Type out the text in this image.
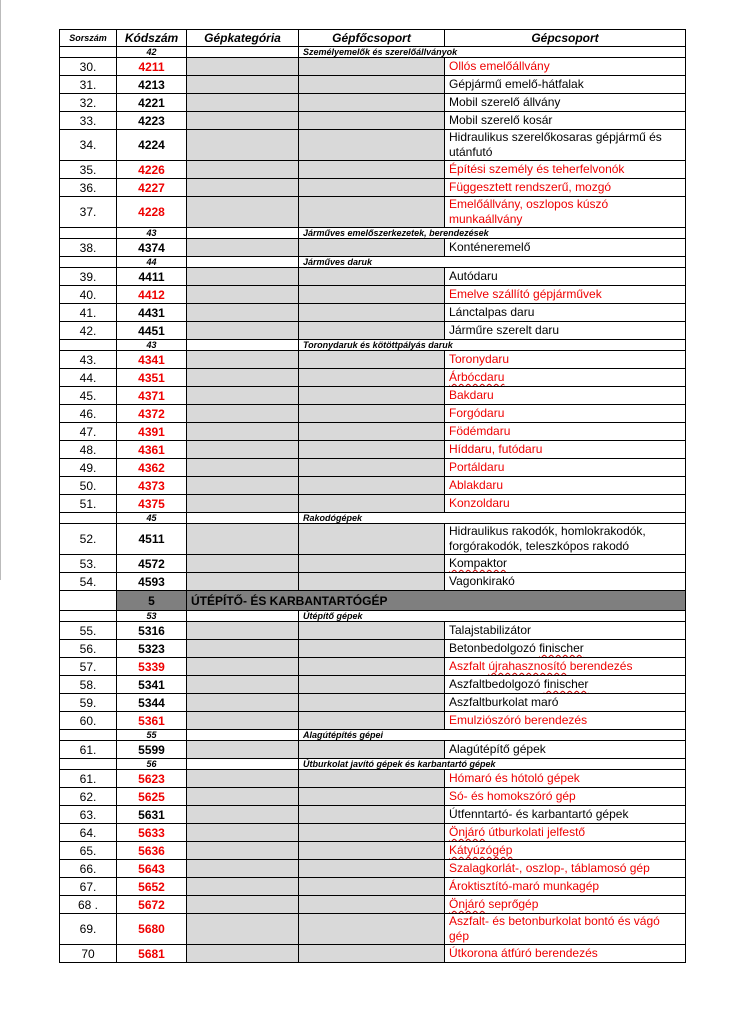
Sorszám	Kódszám	Gépkategória	Gépfőcsoport	Gépcsoport
	42		Személyemelők és szerelőállványok	
30.	4211			Ollós emelőállvány
31.	4213			Gépjármű emelő-hátfalak
32.	4221			Mobil szerelő állvány
33.	4223			Mobil szerelő kosár
34.	4224			Hidraulikus szerelőkosaras gépjármű és utánfutó
35.	4226			Építési személy és teherfelvonók
36.	4227			Függesztett rendszerű, mozgó
37.	4228			Emelőállvány, oszlopos kúszó munkaállvány
	43		Járműves emelőszerkezetek, berendezések	
38.	4374			Konténeremelő
	44		Járműves daruk	
39.	4411			Autódaru
40.	4412			Emelve szállító gépjárművek
41.	4431			Lánctalpas daru
42.	4451			Járműre szerelt daru
	43		Toronydaruk és kötöttpályás daruk	
43.	4341			Toronydaru
44.	4351			Árbócdaru
45.	4371			Bakdaru
46.	4372			Forgódaru
47.	4391			Födémdaru
48.	4361			Híddaru, futódaru
49.	4362			Portáldaru
50.	4373			Ablakdaru
51.	4375			Konzoldaru
	45		Rakodógépek	
52.	4511			Hidraulikus rakodók, homlokrakodók, forgórakodók, teleszkópos rakodó
53.	4572			Kompaktor
54.	4593			Vagonkirakó
	5	ÚTÉPÍTŐ- ÉS KARBANTARTÓGÉP		
	53		Útépítő gépek	
55.	5316			Talajstabilizátor
56.	5323			Betonbedolgozó finischer
57.	5339			Aszfalt újrahasznosító berendezés
58.	5341			Aszfaltbedolgozó finischer
59.	5344			Aszfaltburkolat maró
60.	5361			Emulziószóró berendezés
	55		Alagútépítés gépei	
61.	5599			Alagútépítő gépek
	56		Útburkolat javító gépek és karbantartó gépek	
61.	5623			Hómaró és hótoló gépek
62.	5625			Só- és homokszóró gép
63.	5631			Útfenntartó- és karbantartó gépek
64.	5633			Önjáró útburkolati jelfestő
65.	5636			Kátyúzógép
66.	5643			Szalagkorlát-, oszlop-, táblamosó gép
67.	5652			Ároktisztító-maró munkagép
68 .	5672			Önjáró seprőgép
69.	5680			Aszfalt- és betonburkolat bontó és vágó gép
70	5681			Útkorona átfúró berendezés
